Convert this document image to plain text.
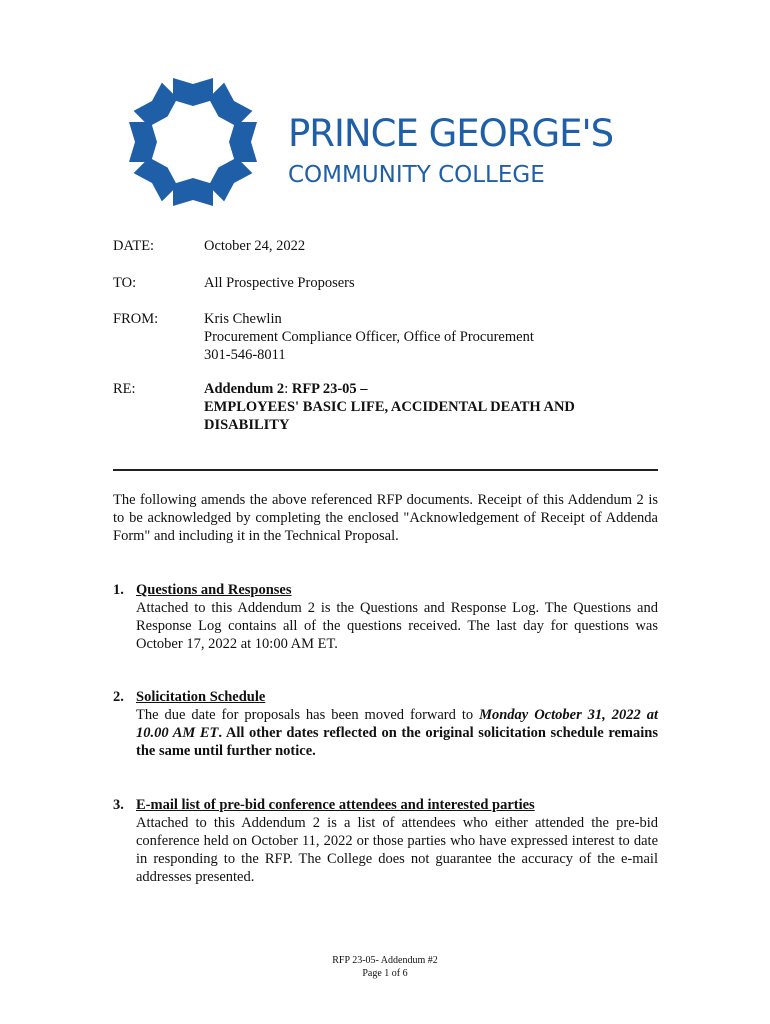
PRINCE GEORGE'S
COMMUNITY COLLEGE
DATE:	October 24, 2022
TO:	All Prospective Proposers
FROM:	Kris Chewlin
Procurement Compliance Officer, Office of Procurement
301-546-8011
RE:	Addendum 2: RFP 23-05 –
EMPLOYEES' BASIC LIFE, ACCIDENTAL DEATH AND
DISABILITY
The following amends the above referenced RFP documents. Receipt of this Addendum 2 is to be acknowledged by completing the enclosed "Acknowledgement of Receipt of Addenda Form" and including it in the Technical Proposal.
1. Questions and Responses
Attached to this Addendum 2 is the Questions and Response Log. The Questions and Response Log contains all of the questions received. The last day for questions was October 17, 2022 at 10:00 AM ET.
2. Solicitation Schedule
The due date for proposals has been moved forward to Monday October 31, 2022 at 10.00 AM ET. All other dates reflected on the original solicitation schedule remains the same until further notice.
3. E-mail list of pre-bid conference attendees and interested parties
Attached to this Addendum 2 is a list of attendees who either attended the pre-bid conference held on October 11, 2022 or those parties who have expressed interest to date in responding to the RFP. The College does not guarantee the accuracy of the e-mail addresses presented.
RFP 23-05- Addendum #2
Page 1 of 6
